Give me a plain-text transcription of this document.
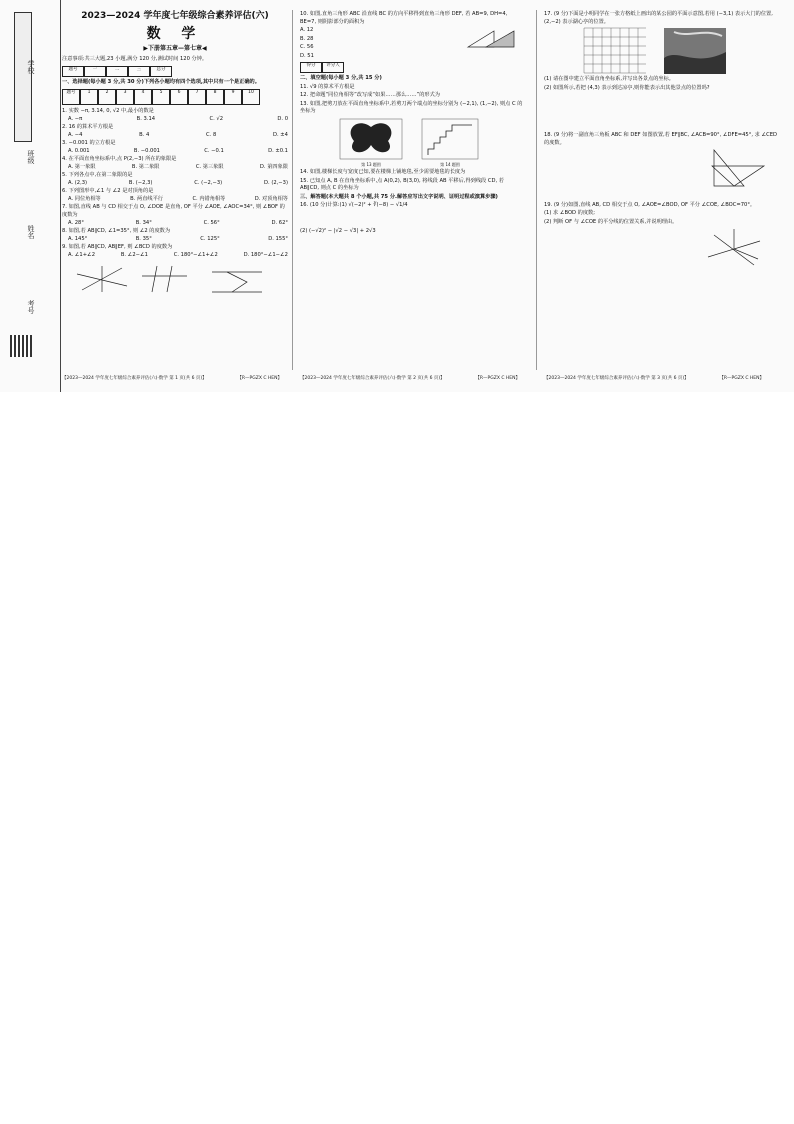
学校
班级
姓名
考号
2023—2024 学年度七年级综合素养评估(六)
数 学
▶下册第五章—第七章◀
注意事项:共三大题,23 小题,满分 120 分,测试时间 120 分钟。
题号	一	二	三	总分
一、选择题(每小题 3 分,共 30 分)下列各小题均有四个选项,其中只有一个是正确的。
题号	1	2	3	4	5	6	7	8	9	10
1. 实数 −π, 3.14, 0, √2 中,最小的数是
A. −π	B. 3.14	C. √2	D. 0
2. 16 的算术平方根是
A. −4	B. 4	C. 8	D. ±4
3. −0.001 的立方根是
A. 0.001	B. −0.001	C. −0.1	D. ±0.1
4. 在平面直角坐标系中,点 P(2,−3) 所在的象限是
A. 第一象限	B. 第二象限	C. 第三象限	D. 第四象限
5. 下列各点中,在第二象限的是
A. (2,3)	B. (−2,3)	C. (−2,−3)	D. (2,−3)
6. 下列图形中,∠1 与 ∠2 是对顶角的是
A. 同位角相等	B. 两直线平行	C. 内错角相等	D. 对顶角相等
7. 如图,直线 AB 与 CD 相交于点 O, ∠DOE 是直角, OF 平分 ∠AOE, ∠AOC=34°, 则 ∠BOF 的度数为
A. 28°	B. 34°	C. 56°	D. 62°
8. 如图,若 AB∥CD, ∠1=35°, 则 ∠2 的度数为
A. 145°	B. 35°	C. 125°	D. 155°
9. 如图,若 AB∥CD, AB∥EF, 则 ∠BCD 的度数为
A. ∠1+∠2	B. ∠2−∠1	C. 180°−∠1+∠2	D. 180°−∠1−∠2
【2023—2024 学年度七年级综合素养评估(六)·数学 第 1 页(共 6 页)】	【R—PGZX C HEN】
10. 如图,直角三角形 ABC 沿直线 BC 的方向平移得到直角三角形 DEF, 若 AB=9, DH=4, BE=7, 则阴影部分的面积为
A. 12
B. 28
C. 56
D. 51
得分	评分人
二、填空题(每小题 3 分,共 15 分)
11. √9 的算术平方根是
12. 把命题“同位角相等”改写成“如果……那么……”的形式为
13. 如图,把剪刀放在平面直角坐标系中,若剪刀两个端点的坐标分别为 (−2,1), (1,−2), 则点 C 的坐标为
第 13 题图	第 14 题图
14. 如图,楼梯长度与宽度已知,要在楼梯上铺地毯,至少需要地毯的长度为
15. 已知点 A, B 在直角坐标系中,点 A(0,2), B(3,0), 将线段 AB 平移后,得到线段 CD, 若 AB∥CD, 则点 C 的坐标为
三、解答题(本大题共 8 个小题,共 75 分.解答应写出文字说明、证明过程或演算步骤)
16. (10 分)计算:(1) √(−2)² + ∛(−8) − √1/4
(2) (−√2)² − |√2 − √3| + 2√3
【2023—2024 学年度七年级综合素养评估(六)·数学 第 2 页(共 6 页)】	【R—PGZX C HEN】
17. (9 分)下面是小明同学在一张方格纸上画出的某公园的平面示意图,若用 (−3,1) 表示大门的位置,(2,−2) 表示湖心亭的位置。
(1) 请在图中建立平面直角坐标系,并写出各景点的坐标。
(2) 如图所示,若把 (4,3) 表示到达凉亭,则你能表示出其他景点的位置吗?
18. (9 分)将一副直角三角板 ABC 和 DEF 如图放置,若 EF∥BC, ∠ACB=90°, ∠DFE=45°, 求 ∠CED 的度数。
19. (9 分)如图,直线 AB, CD 相交于点 O, ∠AOE=∠BOD, OF 平分 ∠COE, ∠BOC=70°。
(1) 求 ∠BOD 的度数;
(2) 判断 OF 与 ∠COE 的平分线的位置关系,并说明理由。
【2023—2024 学年度七年级综合素养评估(六)·数学 第 3 页(共 6 页)】	【R—PGZX C HEN】
